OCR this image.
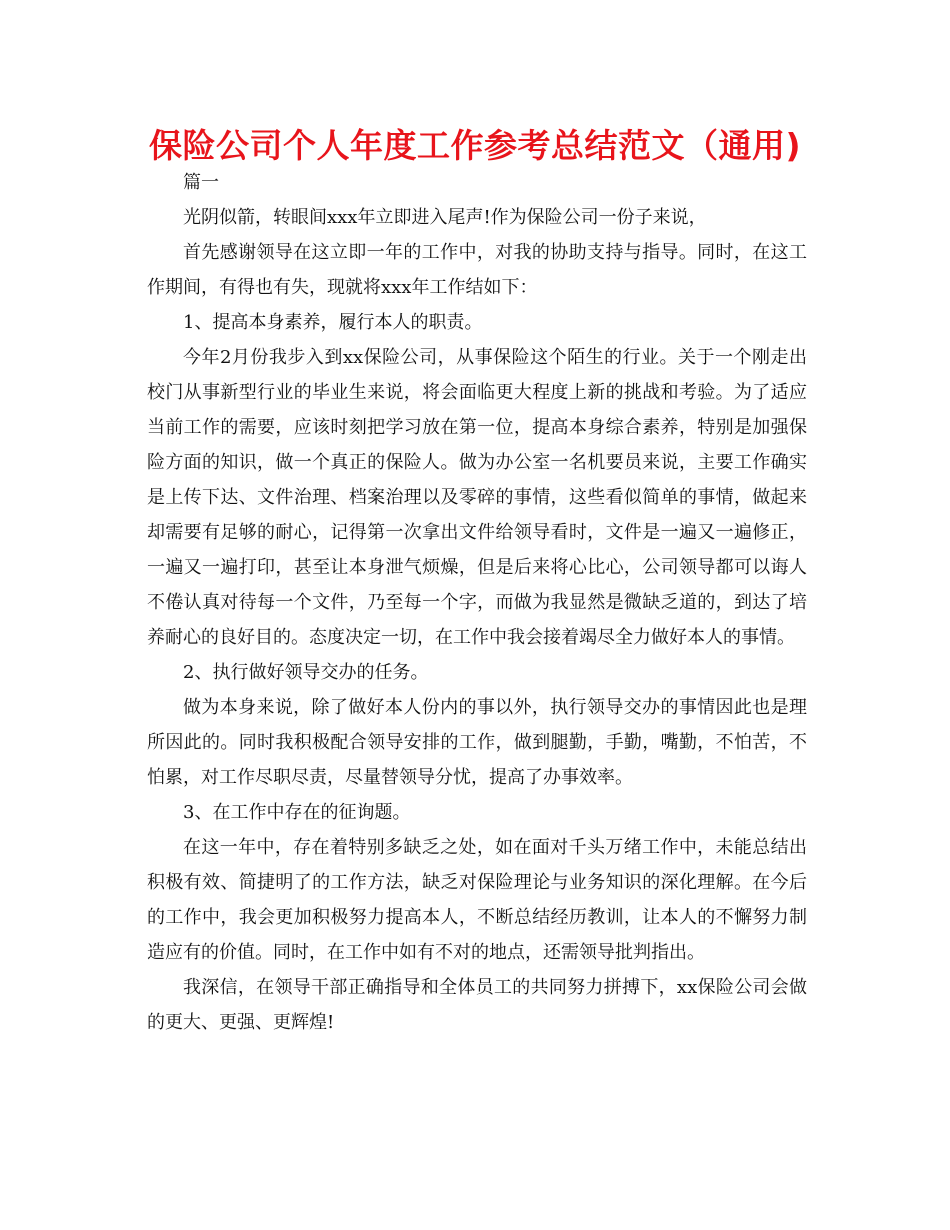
保险公司个人年度工作参考总结范文（通用)

篇一

光阴似箭，转眼间xxx年立即进入尾声!作为保险公司一份子来说，

首先感谢领导在这立即一年的工作中，对我的协助支持与指导。同时，在这工作期间，有得也有失，现就将xxx年工作结如下：

1、提高本身素养，履行本人的职责。

今年2月份我步入到xx保险公司，从事保险这个陌生的行业。关于一个刚走出校门从事新型行业的毕业生来说，将会面临更大程度上新的挑战和考验。为了适应当前工作的需要，应该时刻把学习放在第一位，提高本身综合素养，特别是加强保险方面的知识，做一个真正的保险人。做为办公室一名机要员来说，主要工作确实是上传下达、文件治理、档案治理以及零碎的事情，这些看似简单的事情，做起来却需要有足够的耐心，记得第一次拿出文件给领导看时，文件是一遍又一遍修正，一遍又一遍打印，甚至让本身泄气烦燥，但是后来将心比心，公司领导都可以诲人不倦认真对待每一个文件，乃至每一个字，而做为我显然是微缺乏道的，到达了培养耐心的良好目的。态度决定一切，在工作中我会接着竭尽全力做好本人的事情。

2、执行做好领导交办的任务。

做为本身来说，除了做好本人份内的事以外，执行领导交办的事情因此也是理所因此的。同时我积极配合领导安排的工作，做到腿勤，手勤，嘴勤，不怕苦，不怕累，对工作尽职尽责，尽量替领导分忧，提高了办事效率。

3、在工作中存在的征询题。

在这一年中，存在着特别多缺乏之处，如在面对千头万绪工作中，未能总结出积极有效、简捷明了的工作方法，缺乏对保险理论与业务知识的深化理解。在今后的工作中，我会更加积极努力提高本人，不断总结经历教训，让本人的不懈努力制造应有的价值。同时，在工作中如有不对的地点，还需领导批判指出。

我深信，在领导干部正确指导和全体员工的共同努力拼搏下，xx保险公司会做的更大、更强、更辉煌!
